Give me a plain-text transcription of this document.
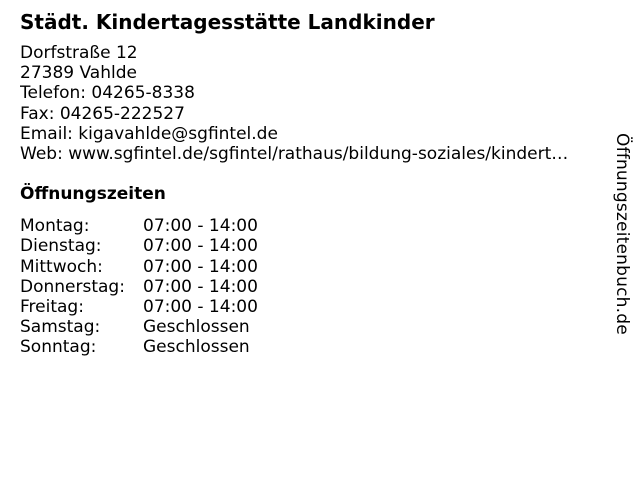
Städt. Kindertagesstätte Landkinder
Dorfstraße 12
27389 Vahlde
Telefon: 04265-8338
Fax: 04265-222527
Email: kigavahlde@sgfintel.de
Web: www.sgfintel.de/sgfintel/rathaus/bildung-soziales/kindert…
Öffnungszeiten
Montag:	07:00 - 14:00
Dienstag:	07:00 - 14:00
Mittwoch:	07:00 - 14:00
Donnerstag:	07:00 - 14:00
Freitag:	07:00 - 14:00
Samstag:	Geschlossen
Sonntag:	Geschlossen
Öffnungszeitenbuch.de
